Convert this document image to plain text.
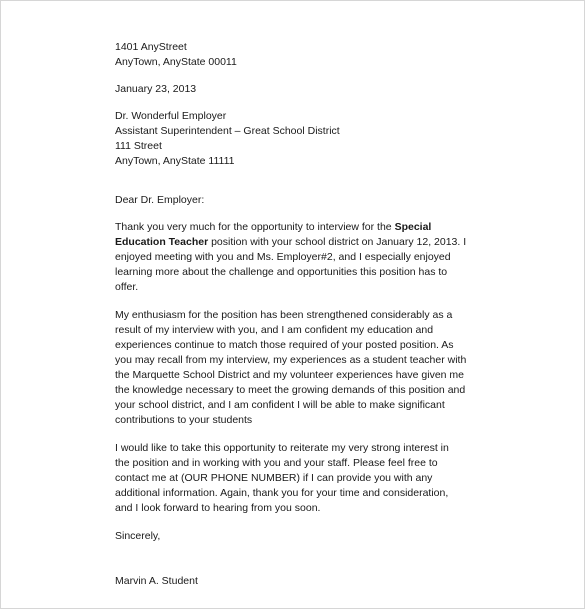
1401 AnyStreet
AnyTown, AnyState 00011
January 23, 2013
Dr. Wonderful Employer
Assistant Superintendent – Great School District
111 Street
AnyTown, AnyState 11111
Dear Dr. Employer:
Thank you very much for the opportunity to interview for the Special
Education Teacher position with your school district on January 12, 2013. I
enjoyed meeting with you and Ms. Employer#2, and I especially enjoyed
learning more about the challenge and opportunities this position has to
offer.
My enthusiasm for the position has been strengthened considerably as a
result of my interview with you, and I am confident my education and
experiences continue to match those required of your posted position. As
you may recall from my interview, my experiences as a student teacher with
the Marquette School District and my volunteer experiences have given me
the knowledge necessary to meet the growing demands of this position and
your school district, and I am confident I will be able to make significant
contributions to your students
I would like to take this opportunity to reiterate my very strong interest in
the position and in working with you and your staff. Please feel free to
contact me at (OUR PHONE NUMBER) if I can provide you with any
additional information. Again, thank you for your time and consideration,
and I look forward to hearing from you soon.
Sincerely,
Marvin A. Student
